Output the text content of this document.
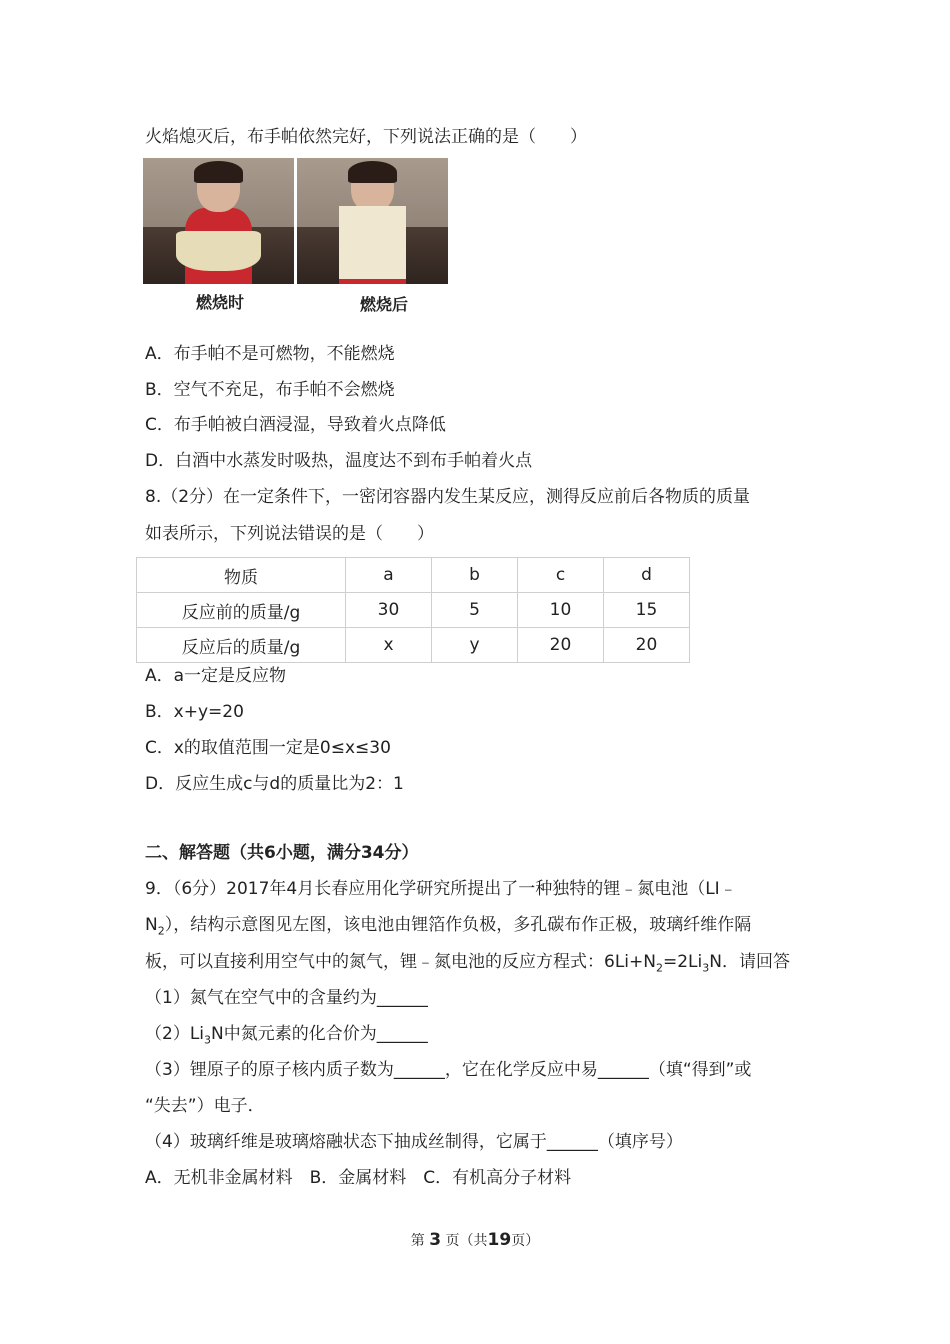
火焰熄灭后，布手帕依然完好，下列说法正确的是（　　）
燃烧时	燃烧后
A．布手帕不是可燃物，不能燃烧
B．空气不充足，布手帕不会燃烧
C．布手帕被白酒浸湿，导致着火点降低
D．白酒中水蒸发时吸热，温度达不到布手帕着火点
8.（2分）在一定条件下，一密闭容器内发生某反应，测得反应前后各物质的质量
如表所示，下列说法错误的是（　　）
物质	a	b	c	d
反应前的质量/g	30	5	10	15
反应后的质量/g	x	y	20	20
A．a一定是反应物
B．x+y=20
C．x的取值范围一定是0≤x≤30
D．反应生成c与d的质量比为2：1
二、解答题（共6小题，满分34分）
9．（6分）2017年4月长春应用化学研究所提出了一种独特的锂﹣氮电池（LI﹣
$N_2$），结构示意图见左图，该电池由锂箔作负极，多孔碳布作正极，玻璃纤维作隔
板，可以直接利用空气中的氮气，锂﹣氮电池的反应方程式：$6Li+N_2=2Li_3N$．请回答
（1）氮气在空气中的含量约为______
$(2)Li_3N$中氮元素的化合价为______
（3）锂原子的原子核内质子数为______，它在化学反应中易______（填“得到”或
“失去”）电子．
（4）玻璃纤维是玻璃熔融状态下抽成丝制得，它属于______（填序号）
A．无机非金属材料　B．金属材料　C．有机高分子材料
第 3 页（共19页）
